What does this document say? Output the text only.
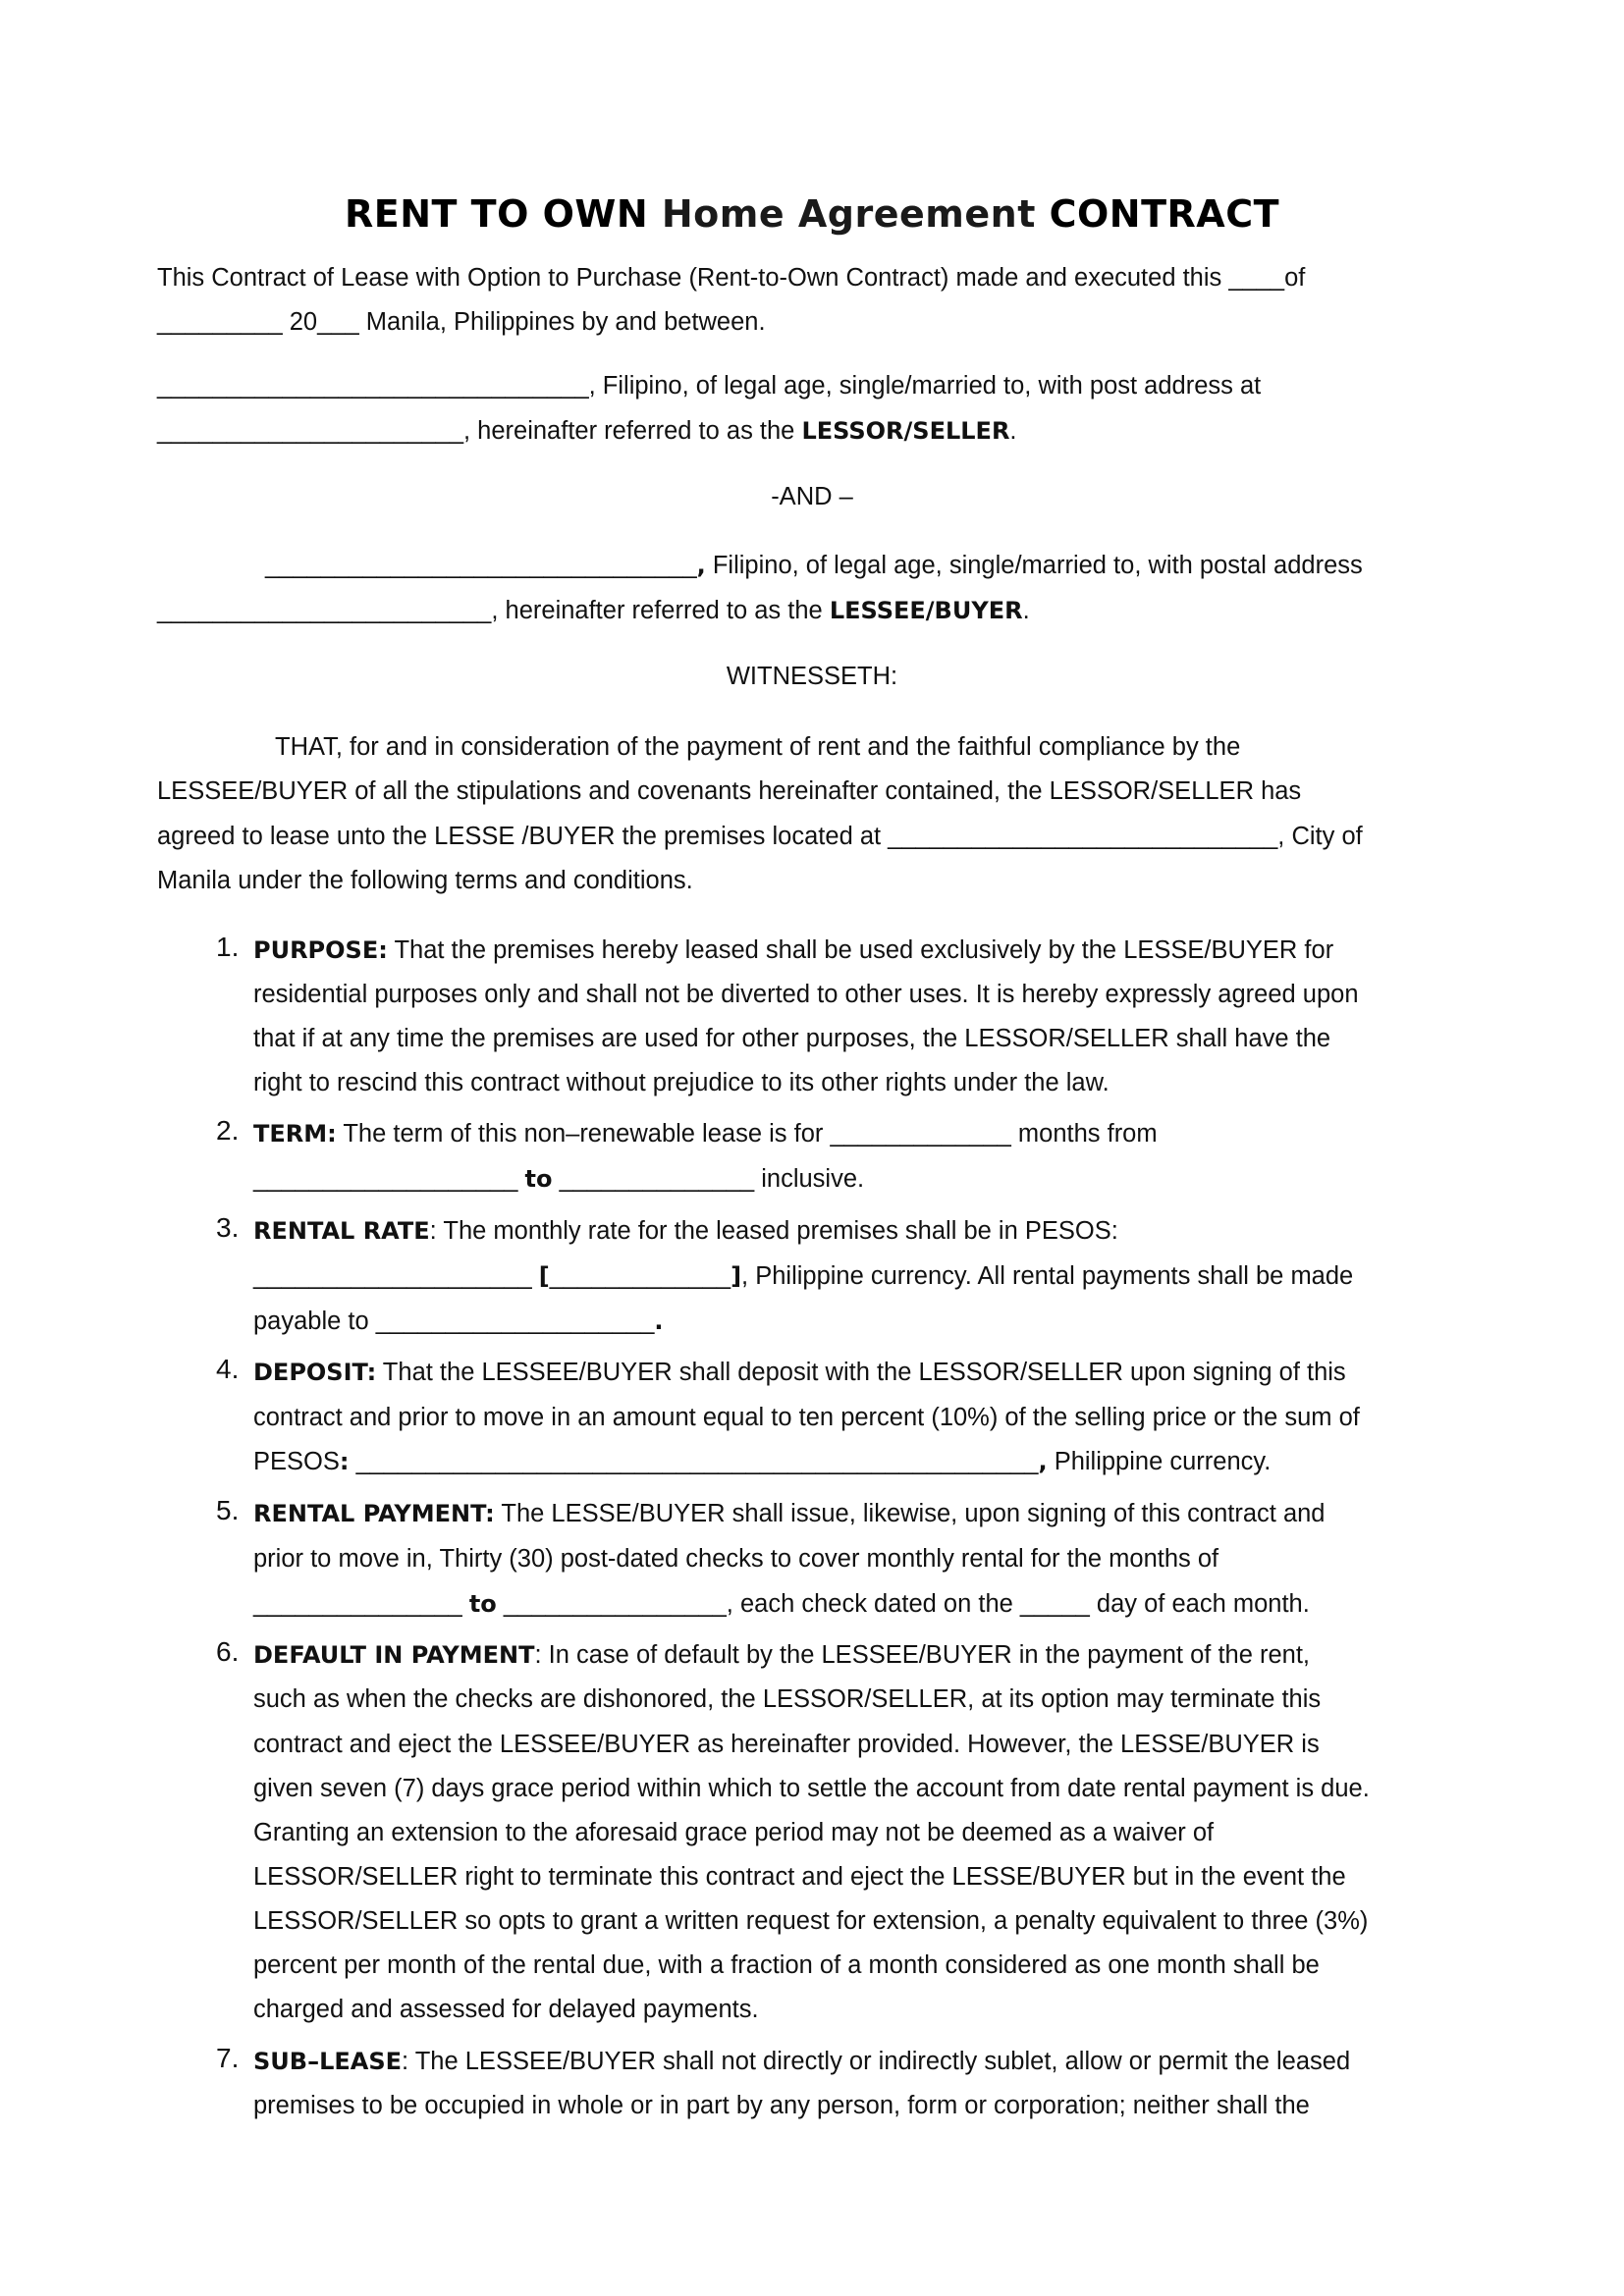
RENT TO OWN Home Agreement CONTRACT
This Contract of Lease with Option to Purchase (Rent-to-Own Contract) made and executed this ____of
_________ 20___ Manila, Philippines by and between.
_______________________________, Filipino, of legal age, single/married to, with post address at
______________________, hereinafter referred to as the LESSOR/SELLER.
-AND –
_______________________________, Filipino, of legal age, single/married to, with postal address
________________________, hereinafter referred to as the LESSEE/BUYER.
WITNESSETH:
THAT, for and in consideration of the payment of rent and the faithful compliance by the
LESSEE/BUYER of all the stipulations and covenants hereinafter contained, the LESSOR/SELLER has
agreed to lease unto the LESSE /BUYER the premises located at ____________________________, City of
Manila under the following terms and conditions.
1. PURPOSE: That the premises hereby leased shall be used exclusively by the LESSE/BUYER for
residential purposes only and shall not be diverted to other uses. It is hereby expressly agreed upon
that if at any time the premises are used for other purposes, the LESSOR/SELLER shall have the
right to rescind this contract without prejudice to its other rights under the law.
2. TERM: The term of this non–renewable lease is for _____________ months from
___________________ to ______________ inclusive.
3. RENTAL RATE: The monthly rate for the leased premises shall be in PESOS:
____________________ [_____________], Philippine currency. All rental payments shall be made
payable to ____________________.
4. DEPOSIT: That the LESSEE/BUYER shall deposit with the LESSOR/SELLER upon signing of this
contract and prior to move in an amount equal to ten percent (10%) of the selling price or the sum of
PESOS: _________________________________________________, Philippine currency.
5. RENTAL PAYMENT: The LESSE/BUYER shall issue, likewise, upon signing of this contract and
prior to move in, Thirty (30) post-dated checks to cover monthly rental for the months of
_______________ to ________________, each check dated on the _____ day of each month.
6. DEFAULT IN PAYMENT: In case of default by the LESSEE/BUYER in the payment of the rent,
such as when the checks are dishonored, the LESSOR/SELLER, at its option may terminate this
contract and eject the LESSEE/BUYER as hereinafter provided. However, the LESSE/BUYER is
given seven (7) days grace period within which to settle the account from date rental payment is due.
Granting an extension to the aforesaid grace period may not be deemed as a waiver of
LESSOR/SELLER right to terminate this contract and eject the LESSE/BUYER but in the event the
LESSOR/SELLER so opts to grant a written request for extension, a penalty equivalent to three (3%)
percent per month of the rental due, with a fraction of a month considered as one month shall be
charged and assessed for delayed payments.
7. SUB–LEASE: The LESSEE/BUYER shall not directly or indirectly sublet, allow or permit the leased
premises to be occupied in whole or in part by any person, form or corporation; neither shall the
